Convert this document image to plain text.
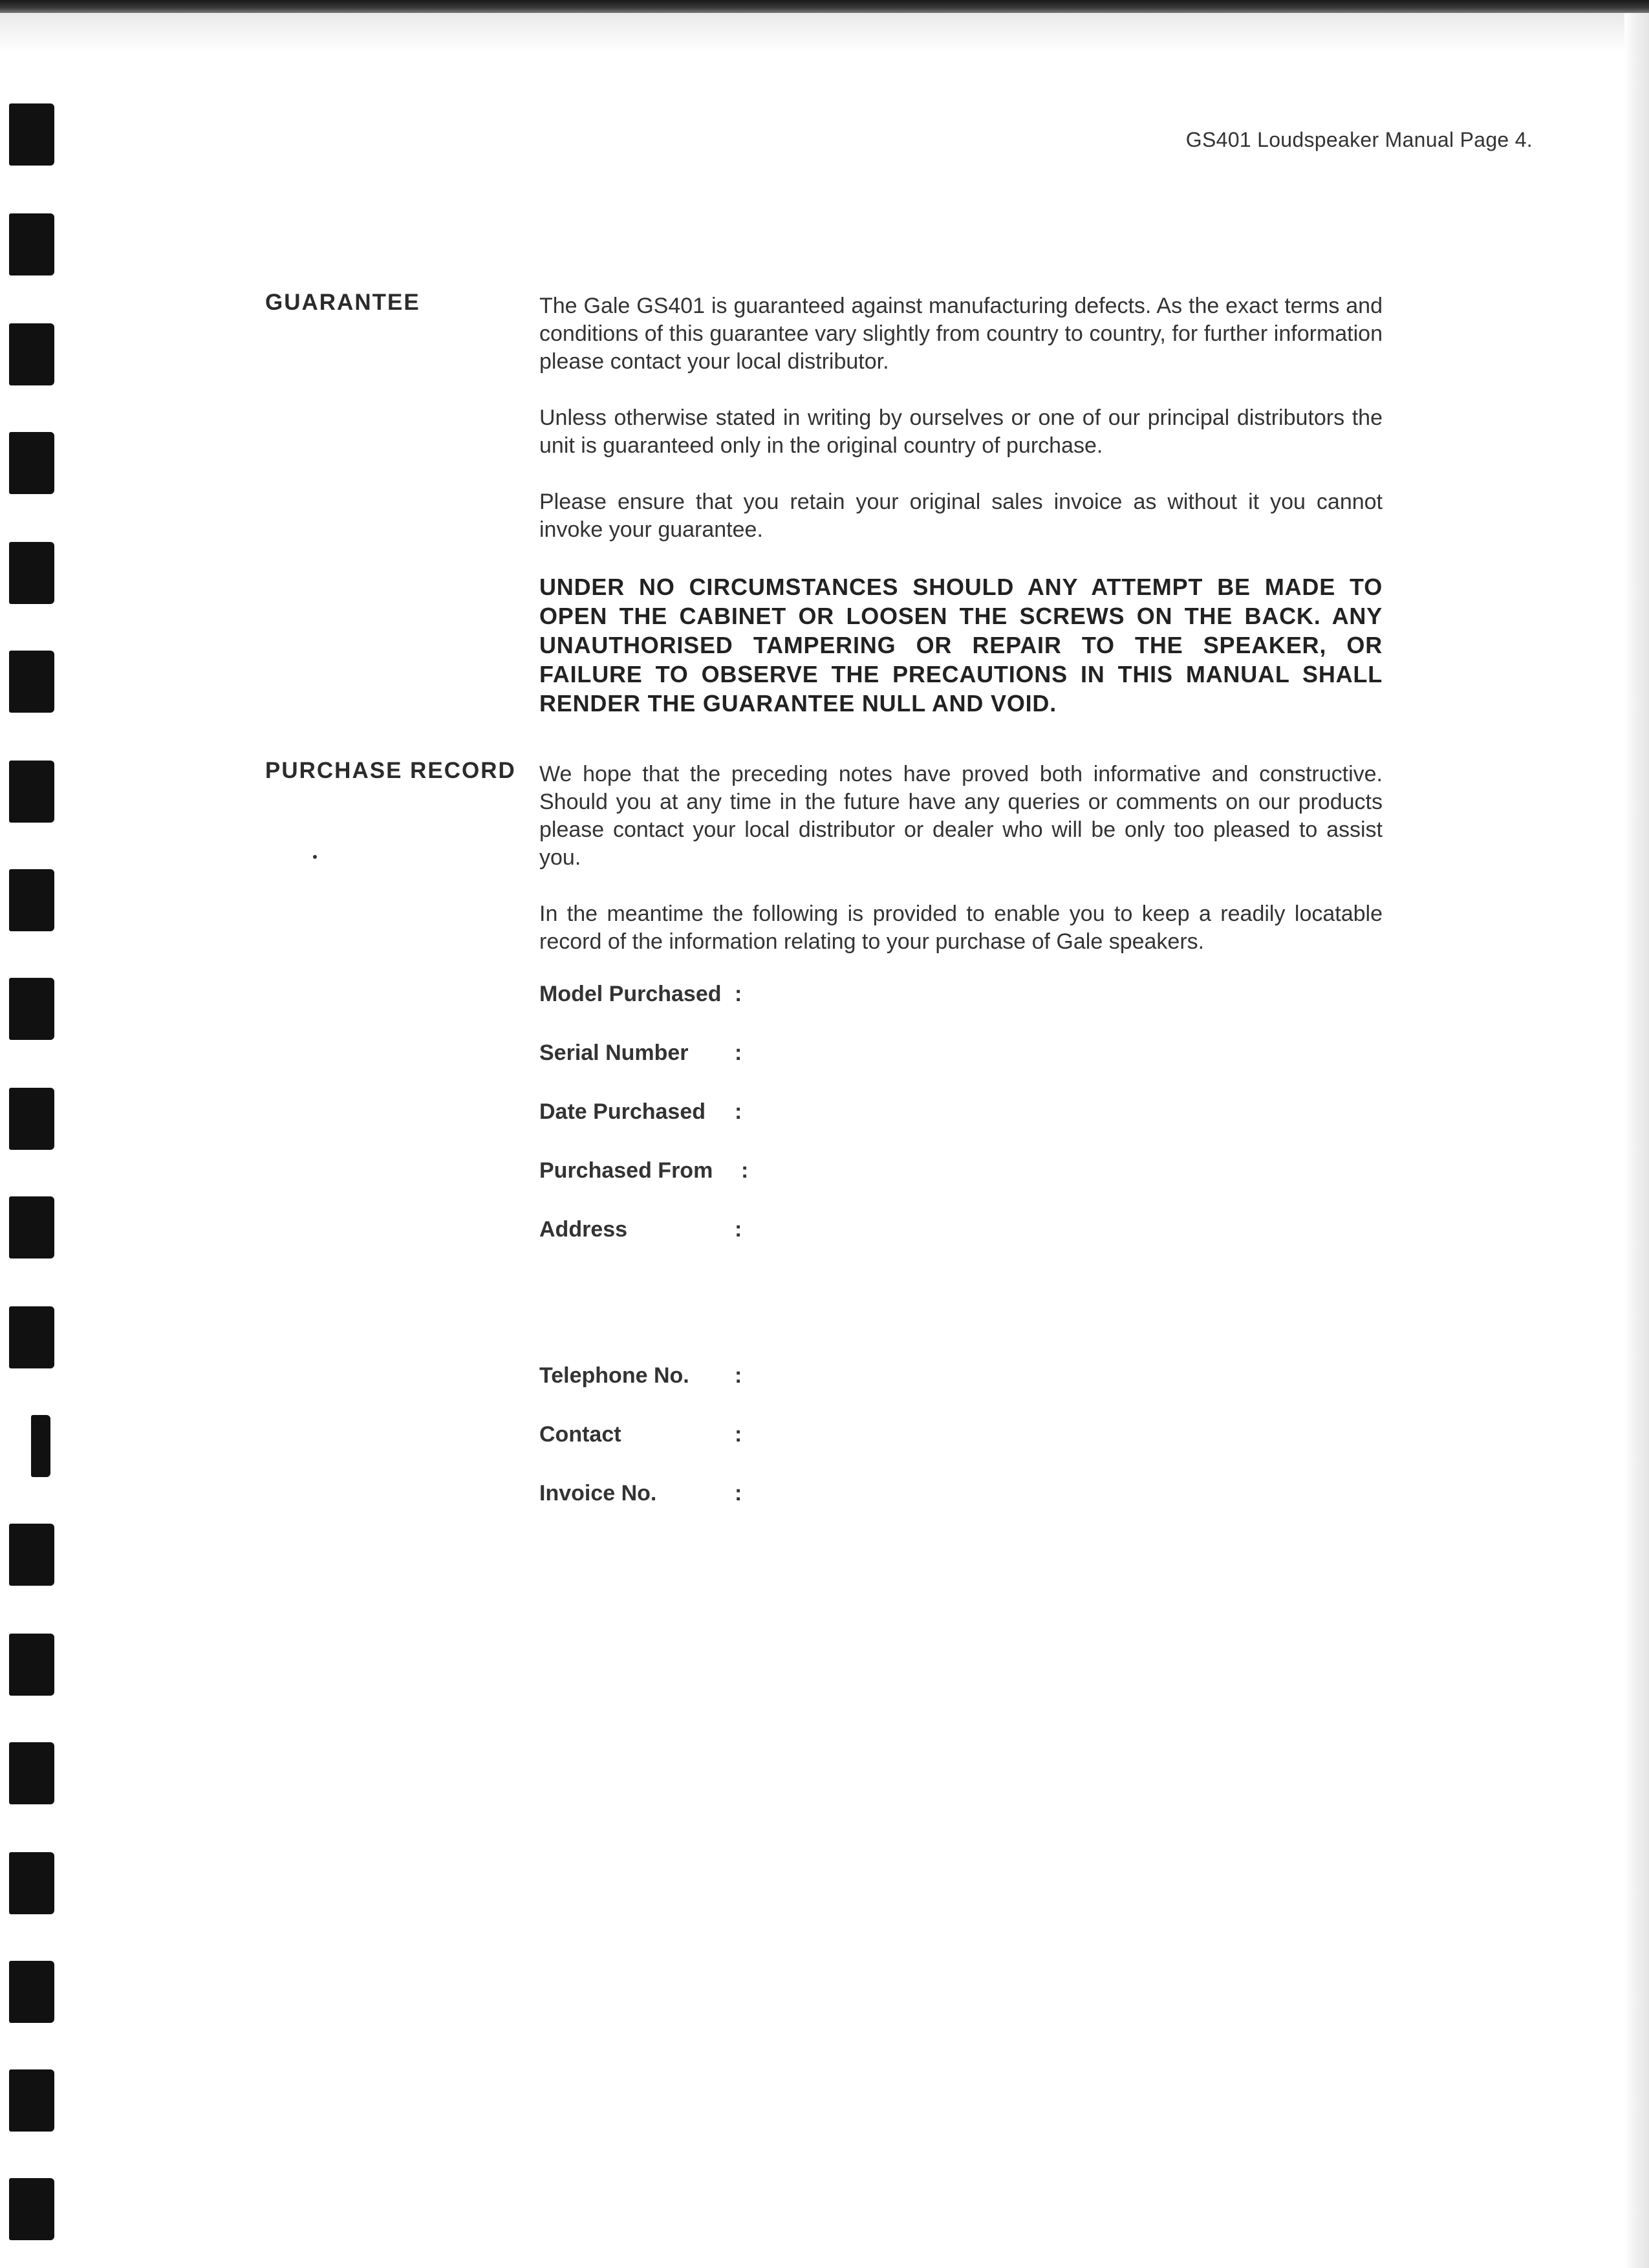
GS401 Loudspeaker Manual Page 4.
GUARANTEE	The Gale GS401 is guaranteed against manufacturing defects. As the exact terms and conditions of this guarantee vary slightly from country to country, for further information please contact your local distributor.

Unless otherwise stated in writing by ourselves or one of our principal distributors the unit is guaranteed only in the original country of purchase.

Please ensure that you retain your original sales invoice as without it you cannot invoke your guarantee.

UNDER NO CIRCUMSTANCES SHOULD ANY ATTEMPT BE MADE TO OPEN THE CABINET OR LOOSEN THE SCREWS ON THE BACK. ANY UNAUTHORISED TAMPERING OR REPAIR TO THE SPEAKER, OR FAILURE TO OBSERVE THE PRECAUTIONS IN THIS MANUAL SHALL RENDER THE GUARANTEE NULL AND VOID.

PURCHASE RECORD We hope that the preceding notes have proved both informative and constructive. Should you at any time in the future have any queries or comments on our products please contact your local distributor or dealer who will be only too pleased to assist you.

In the meantime the following is provided to enable you to keep a readily locatable record of the information relating to your purchase of Gale speakers.

Model Purchased :
Serial Number :
Date Purchased :
Purchased From :
Address	:
Telephone No. :
Contact	:
Invoice No.	:
